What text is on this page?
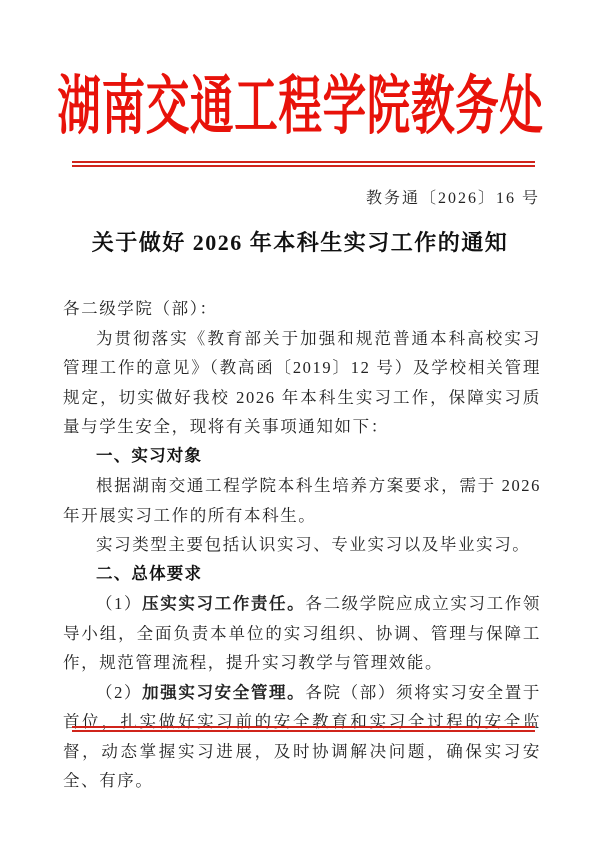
湖南交通工程学院教务处
教务通〔2026〕16 号
关于做好 2026 年本科生实习工作的通知

各二级学院（部）：

为贯彻落实《教育部关于加强和规范普通本科高校实习管理工作的意见》（教高函〔2019〕12 号）及学校相关管理规定，切实做好我校 2026 年本科生实习工作，保障实习质量与学生安全，现将有关事项通知如下：

一、实习对象

根据湖南交通工程学院本科生培养方案要求，需于 2026 年开展实习工作的所有本科生。

实习类型主要包括认识实习、专业实习以及毕业实习。

二、总体要求

（1）压实实习工作责任。各二级学院应成立实习工作领导小组，全面负责本单位的实习组织、协调、管理与保障工作，规范管理流程，提升实习教学与管理效能。

（2）加强实习安全管理。各院（部）须将实习安全置于首位，扎实做好实习前的安全教育和实习全过程的安全监督，动态掌握实习进展，及时协调解决问题，确保实习安全、有序。
